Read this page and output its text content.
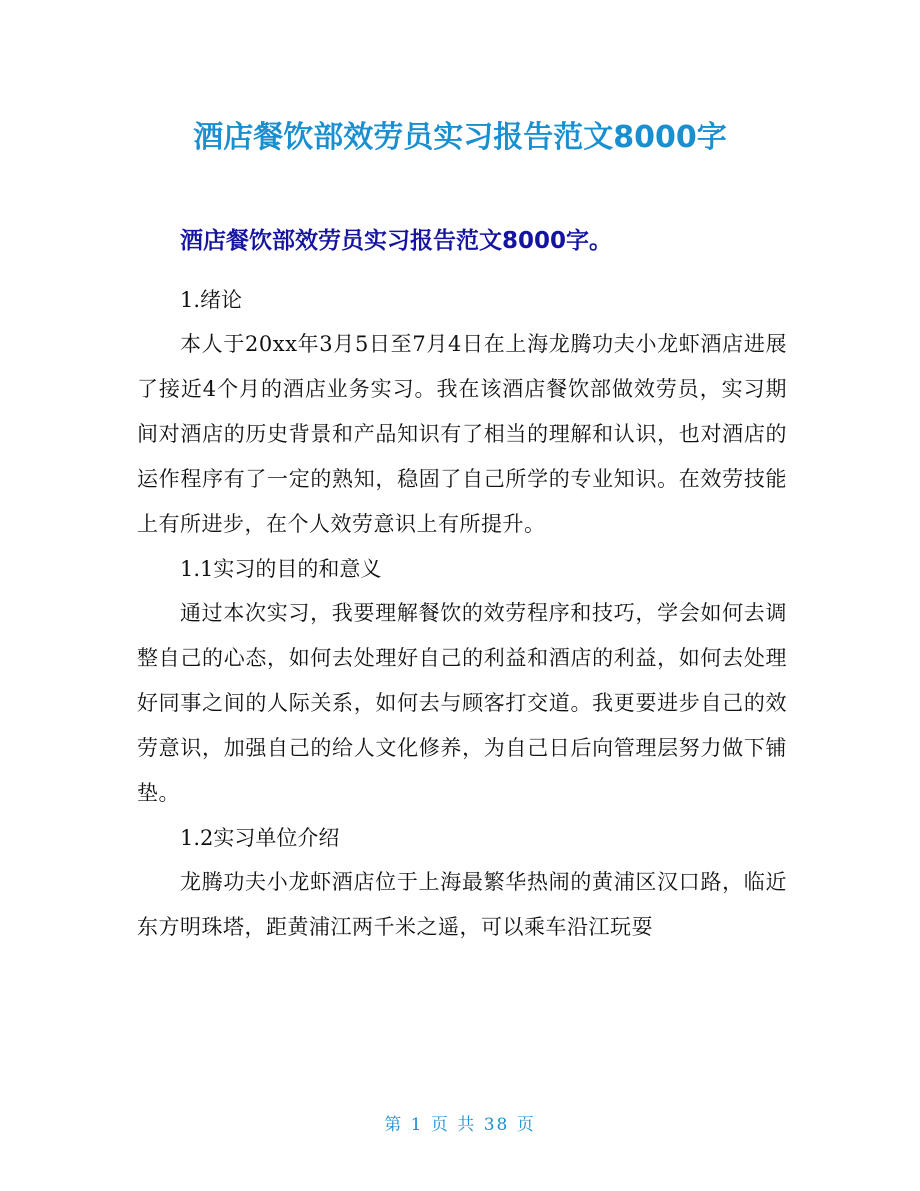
酒店餐饮部效劳员实习报告范文8000字
酒店餐饮部效劳员实习报告范文8000字。
1.绪论

本人于20xx年3月5日至7月4日在上海龙腾功夫小龙虾酒店进展了接近4个月的酒店业务实习。我在该酒店餐饮部做效劳员，实习期间对酒店的历史背景和产品知识有了相当的理解和认识，也对酒店的运作程序有了一定的熟知，稳固了自己所学的专业知识。在效劳技能上有所进步，在个人效劳意识上有所提升。

1.1实习的目的和意义

通过本次实习，我要理解餐饮的效劳程序和技巧，学会如何去调整自己的心态，如何去处理好自己的利益和酒店的利益，如何去处理好同事之间的人际关系，如何去与顾客打交道。我更要进步自己的效劳意识，加强自己的给人文化修养，为自己日后向管理层努力做下铺垫。

1.2实习单位介绍

龙腾功夫小龙虾酒店位于上海最繁华热闹的黄浦区汉口路，临近东方明珠塔，距黄浦江两千米之遥，可以乘车沿江玩耍

第 1 页 共 38 页
